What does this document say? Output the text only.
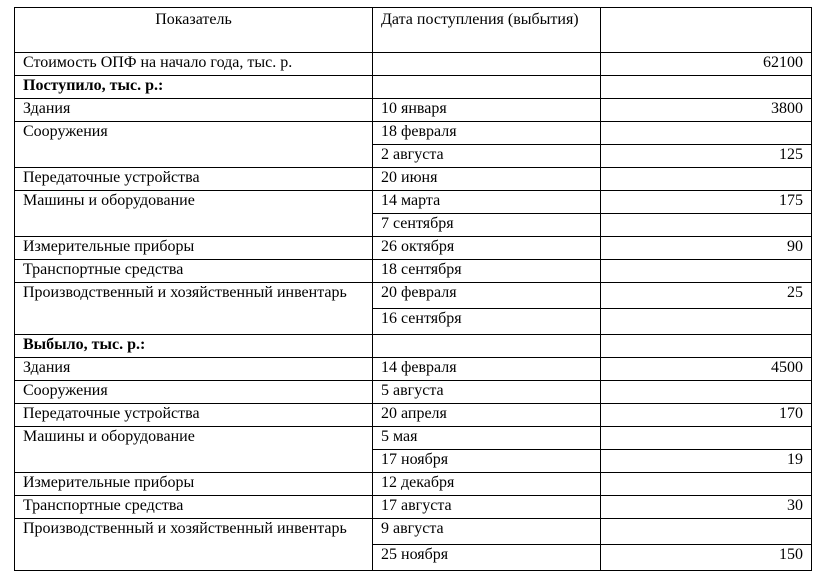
Показатель	Дата поступления (выбытия)	

Стоимость ОПФ на начало года, тыс. р.		62100
Поступило, тыс. р.:		
Здания	10 января	3800
Сооружения	18 февраля	
	2 августа	125
Передаточные устройства	20 июня	
Машины и оборудование	14 марта	175
	7 сентября	
Измерительные приборы	26 октября	90
Транспортные средства	18 сентября	
Производственный и хозяйственный инвентарь	20 февраля	25
	16 сентября	
Выбыло, тыс. р.:		
Здания	14 февраля	4500
Сооружения	5 августа	
Передаточные устройства	20 апреля	170
Машины и оборудование	5 мая	
	17 ноября	19
Измерительные приборы	12 декабря	
Транспортные средства	17 августа	30
Производственный и хозяйственный инвентарь	9 августа	
	25 ноября	150
